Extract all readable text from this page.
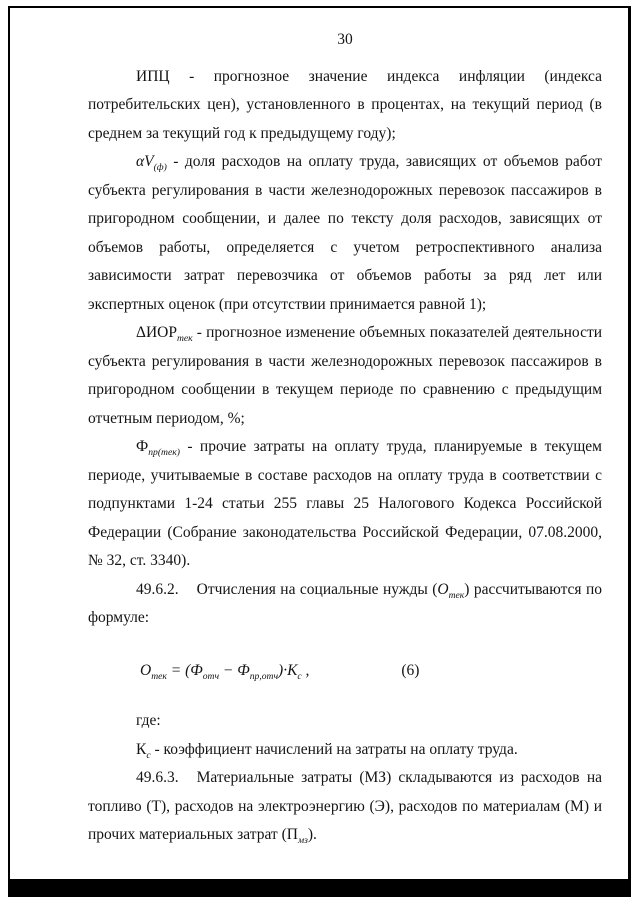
30

ИПЦ - прогнозное значение индекса инфляции (индекса потребительских цен), установленного в процентах, на текущий период (в среднем за текущий год к предыдущему году);

$\alpha V_{(ф)}$ - доля расходов на оплату труда, зависящих от объемов работ субъекта регулирования в части железнодорожных перевозок пассажиров в пригородном сообщении, и далее по тексту доля расходов, зависящих от объемов работы, определяется с учетом ретроспективного анализа зависимости затрат перевозчика от объемов работы за ряд лет или экспертных оценок (при отсутствии принимается равной 1);

$\Delta ИОР_{тек}$ - прогнозное изменение объемных показателей деятельности субъекта регулирования в части железнодорожных перевозок пассажиров в пригородном сообщении в текущем периоде по сравнению с предыдущим отчетным периодом, %;

$Ф_{пр(тек)}$ - прочие затраты на оплату труда, планируемые в текущем периоде, учитываемые в составе расходов на оплату труда в соответствии с подпунктами 1-24 статьи 255 главы 25 Налогового Кодекса Российской Федерации (Собрание законодательства Российской Федерации, 07.08.2000, № 32, ст. 3340).

49.6.2. Отчисления на социальные нужды $(О_{тек})$ рассчитываются по формуле:

$О_{тек} = (Ф_{отч} - Ф_{пр,отч})\cdot К_с$ ,	(6)

где:

$К_с$ - коэффициент начислений на затраты на оплату труда.

49.6.3. Материальные затраты (МЗ) складываются из расходов на топливо (Т), расходов на электроэнергию (Э), расходов по материалам (М) и прочих материальных затрат $(П_{мз})$.
